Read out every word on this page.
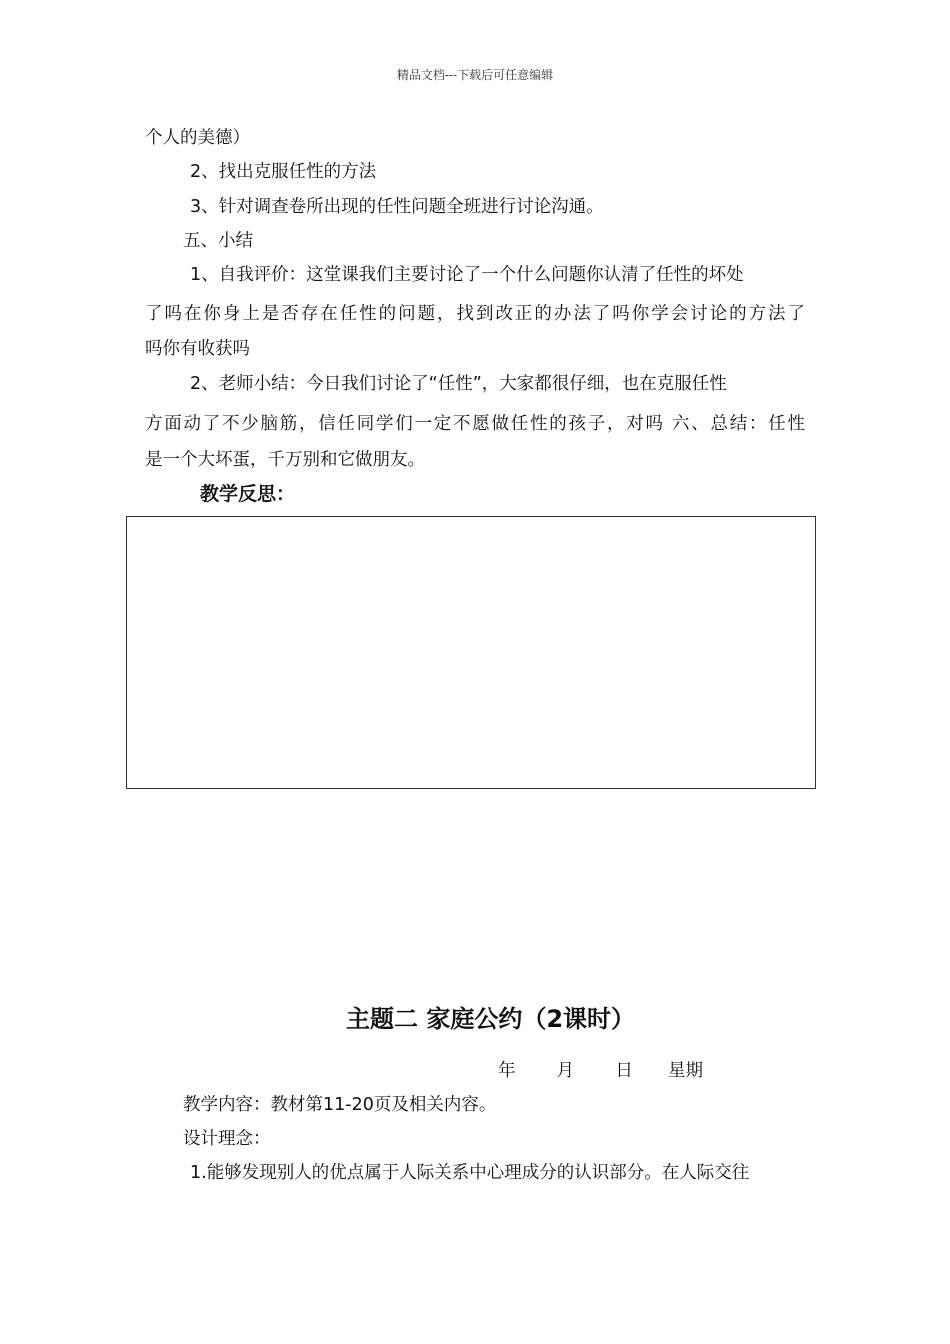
精品文档---下载后可任意编辑
个人的美德）
2、找出克服任性的方法
3、针对调查卷所出现的任性问题全班进行讨论沟通。
五、小结
1、自我评价：这堂课我们主要讨论了一个什么问题你认清了任性的坏处
了吗在你身上是否存在任性的问题，找到改正的办法了吗你学会讨论的方法了
吗你有收获吗
2、老师小结：今日我们讨论了“任性”，大家都很仔细，也在克服任性
方面动了不少脑筋，信任同学们一定不愿做任性的孩子，对吗 六、总结：任性
是一个大坏蛋，千万别和它做朋友。
教学反思：
主题二 家庭公约（2课时）
年 月 日 星期
教学内容：教材第11-20页及相关内容。
设计理念：
1.能够发现别人的优点属于人际关系中心理成分的认识部分。在人际交往
